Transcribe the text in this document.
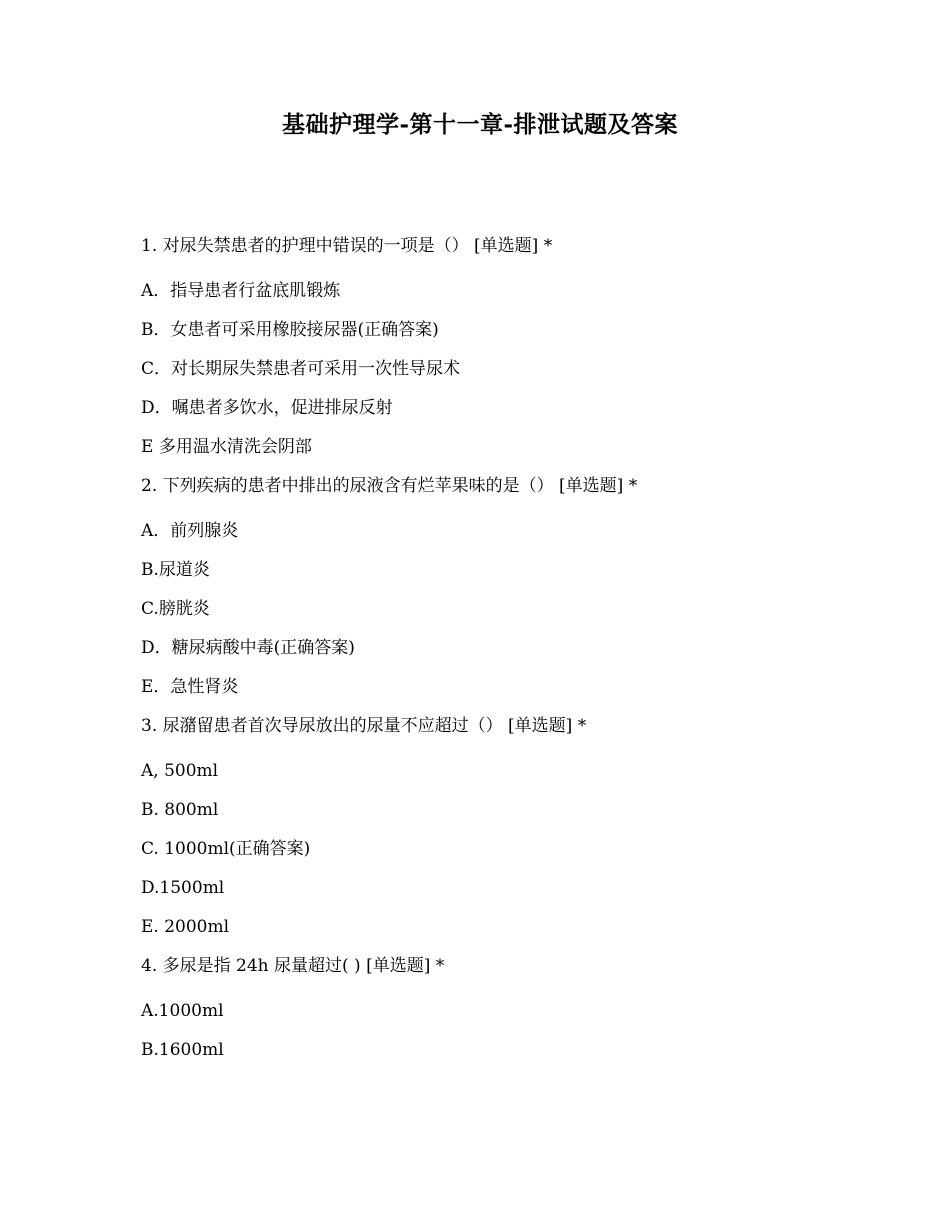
基础护理学-第十一章-排泄试题及答案
1. 对尿失禁患者的护理中错误的一项是（） [单选题] *
A．指导患者行盆底肌锻炼
B．女患者可采用橡胶接尿器(正确答案)
C．对长期尿失禁患者可采用一次性导尿术
D．嘱患者多饮水，促进排尿反射
E 多用温水清洗会阴部
2. 下列疾病的患者中排出的尿液含有烂苹果味的是（） [单选题] *
A．前列腺炎
B.尿道炎
C.膀胱炎
D．糖尿病酸中毒(正确答案)
E．急性肾炎
3. 尿潴留患者首次导尿放出的尿量不应超过（） [单选题] *
A, 500ml
B. 800ml
C. 1000ml(正确答案)
D.1500ml
E. 2000ml
4. 多尿是指 24h 尿量超过( ) [单选题] *
A.1000ml
B.1600ml
